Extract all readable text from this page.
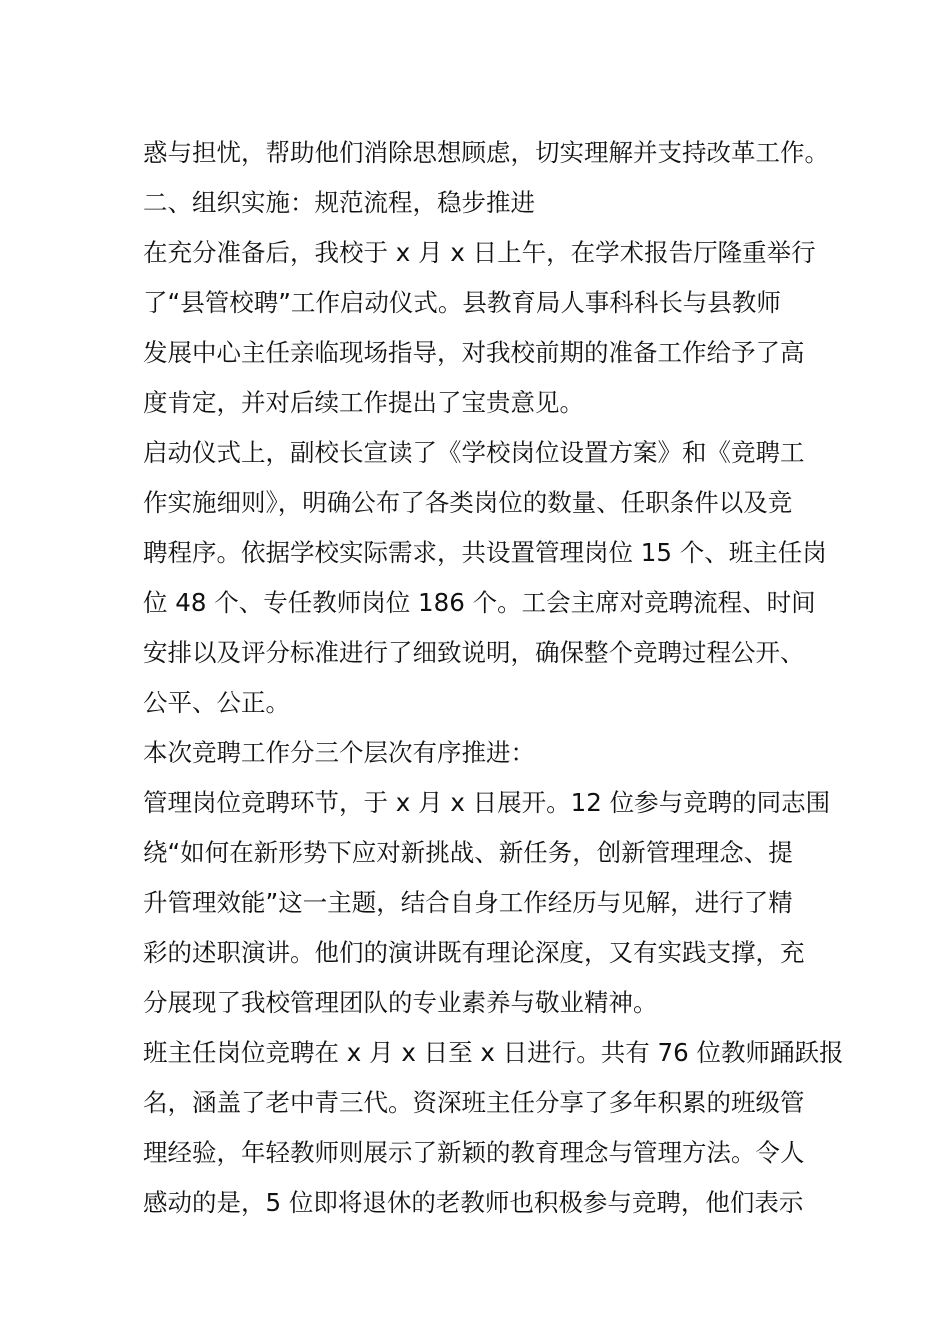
惑与担忧，帮助他们消除思想顾虑，切实理解并支持改革工作。

二、组织实施：规范流程，稳步推进

在充分准备后，我校于 x 月 x 日上午，在学术报告厅隆重举行
了“县管校聘”工作启动仪式。县教育局人事科科长与县教师
发展中心主任亲临现场指导，对我校前期的准备工作给予了高
度肯定，并对后续工作提出了宝贵意见。

启动仪式上，副校长宣读了《学校岗位设置方案》和《竞聘工
作实施细则》，明确公布了各类岗位的数量、任职条件以及竞
聘程序。依据学校实际需求，共设置管理岗位 15 个、班主任岗
位 48 个、专任教师岗位 186 个。工会主席对竞聘流程、时间
安排以及评分标准进行了细致说明，确保整个竞聘过程公开、
公平、公正。

本次竞聘工作分三个层次有序推进：

管理岗位竞聘环节，于 x 月 x 日展开。12 位参与竞聘的同志围
绕“如何在新形势下应对新挑战、新任务，创新管理理念、提
升管理效能”这一主题，结合自身工作经历与见解，进行了精
彩的述职演讲。他们的演讲既有理论深度，又有实践支撑，充
分展现了我校管理团队的专业素养与敬业精神。

班主任岗位竞聘在 x 月 x 日至 x 日进行。共有 76 位教师踊跃报
名，涵盖了老中青三代。资深班主任分享了多年积累的班级管
理经验，年轻教师则展示了新颖的教育理念与管理方法。令人
感动的是，5 位即将退休的老教师也积极参与竞聘，他们表示
